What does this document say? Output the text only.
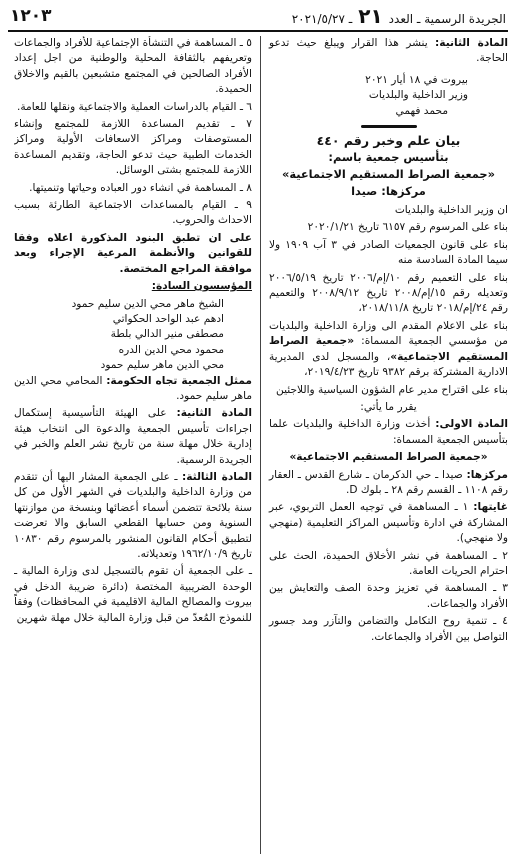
الجريدة الرسمية ـ العدد
٢١
ـ ٢٠٢١/٥/٢٧
١٢٠٣

المادة الثانية: ينشر هذا القرار ويبلغ حيث تدعو الحاجة.

بيروت في ١٨ أيار ٢٠٢١
وزير الداخلية والبلديات
محمد فهمي
بيان علم وخبر رقم ٤٤٠
بتأسيس جمعية باسم:
«جمعية الصراط المستقيم الاجتماعية»
مركزها: صيدا

ان وزير الداخلية والبلديات

بناء على المرسوم رقم ٦١٥٧ تاريخ ٢٠٢٠/١/٢١

بناء على قانون الجمعيات الصادر في ٣ آب ١٩٠٩ ولا سيما المادة السادسة منه

بناء على التعميم رقم ١٠/إم/٢٠٠٦ تاريخ ٢٠٠٦/٥/١٩ وتعديله رقم ١٥/إم/٢٠٠٨ تاريخ ٢٠٠٨/٩/١٢ والتعميم رقم ٢٤/إم/٢٠١٨ تاريخ ٢٠١٨/١١/٨،

بناء على الاعلام المقدم الى وزارة الداخلية والبلديات من مؤسسي الجمعية المسماة: «جمعية الصراط المستقيم الاجتماعية»، والمسجل لدى المديرية الادارية المشتركة برقم ٩٣٨٢ تاريخ ٢٠١٩/٤/٢٣،

بناء على اقتراح مدير عام الشؤون السياسية واللاجئين

يقرر ما يأتي:

المادة الاولى: أخذت وزارة الداخلية والبلديات علما بتأسيس الجمعية المسماة:

«جمعية الصراط المستقيم الاجتماعية»

مركزها: صيدا ـ حي الدكرمان ـ شارع القدس ـ العقار رقم ١١٠٨ ـ القسم رقم ٢٨ ـ بلوك D.

غايتها: ١ ـ المساهمة في توجيه العمل التربوي، عبر المشاركة في ادارة وتأسيس المراكز التعليمية (منهجي ولا منهجي).

٢ ـ المساهمة في نشر الأخلاق الحميدة، الحث على احترام الحريات العامة.

٣ ـ المساهمة في تعزيز وحدة الصف والتعايش بين الأفراد والجماعات.

٤ ـ تنمية روح التكامل والتضامن والتآزر ومد جسور التواصل بين الأفراد والجماعات.

٥ ـ المساهمة في التنشأة الإجتماعية للأفراد والجماعات وتعريفهم بالثقافة المحلية والوطنية من اجل إعداد الأفراد الصالحين في المجتمع متشبعين بالقيم والاخلاق الحميدة.

٦ ـ القيام بالدراسات العملية والاجتماعية ونقلها للعامة.

٧ ـ تقديم المساعدة اللازمة للمجتمع وإنشاء المستوصفات ومراكز الاسعافات الأولية ومراكز الخدمات الطبية حيث تدعو الحاجة، وتقديم المساعدة اللازمة للمجتمع بشتى الوسائل.

٨ ـ المساهمة في انشاء دور العباده وحياتها وتنميتها.

٩ ـ القيام بالمساعدات الاجتماعية الطارئة بسبب الاحداث والحروب.

على ان تطبق البنود المذكورة اعلاه وفقا للقوانين والأنظمة المرعية الإجراء وبعد موافقة المراجع المختصة.

المؤسسون السادة:

الشيخ ماهر محي الدين سليم حمود
ادهم عبد الواحد الحكواتي
مصطفى منير الدالي بلطة
محمود محي الدين الدره
محي الدين ماهر سليم حمود

ممثل الجمعية تجاه الحكومة: المحامي محي الدين ماهر سليم حمود.

المادة الثانية: على الهيئة التأسيسية إستكمال اجراءات تأسيس الجمعية والدعوة الى انتخاب هيئة إدارية خلال مهلة سنة من تاريخ نشر العلم والخبر في الجريدة الرسمية.

المادة الثالثة: ـ على الجمعية المشار اليها أن تتقدم من وزارة الداخلية والبلديات في الشهر الأول من كل سنة بلائحة تتضمن أسماء أعضائها وبنسخة من موازنتها السنوية ومن حسابها القطعي السابق والا تعرضت لتطبيق أحكام القانون المنشور بالمرسوم رقم ١٠٨٣٠ تاريخ ١٩٦٢/١٠/٩ وتعديلاته.

ـ على الجمعية أن تقوم بالتسجيل لدى وزارة المالية ـ الوحدة الضريبية المختصة (دائرة ضريبة الدخل في بيروت والمصالح المالية الاقليمية في المحافظات) وفقاً للنموذج المُعدّ من قبل وزارة المالية خلال مهلة شهرين
